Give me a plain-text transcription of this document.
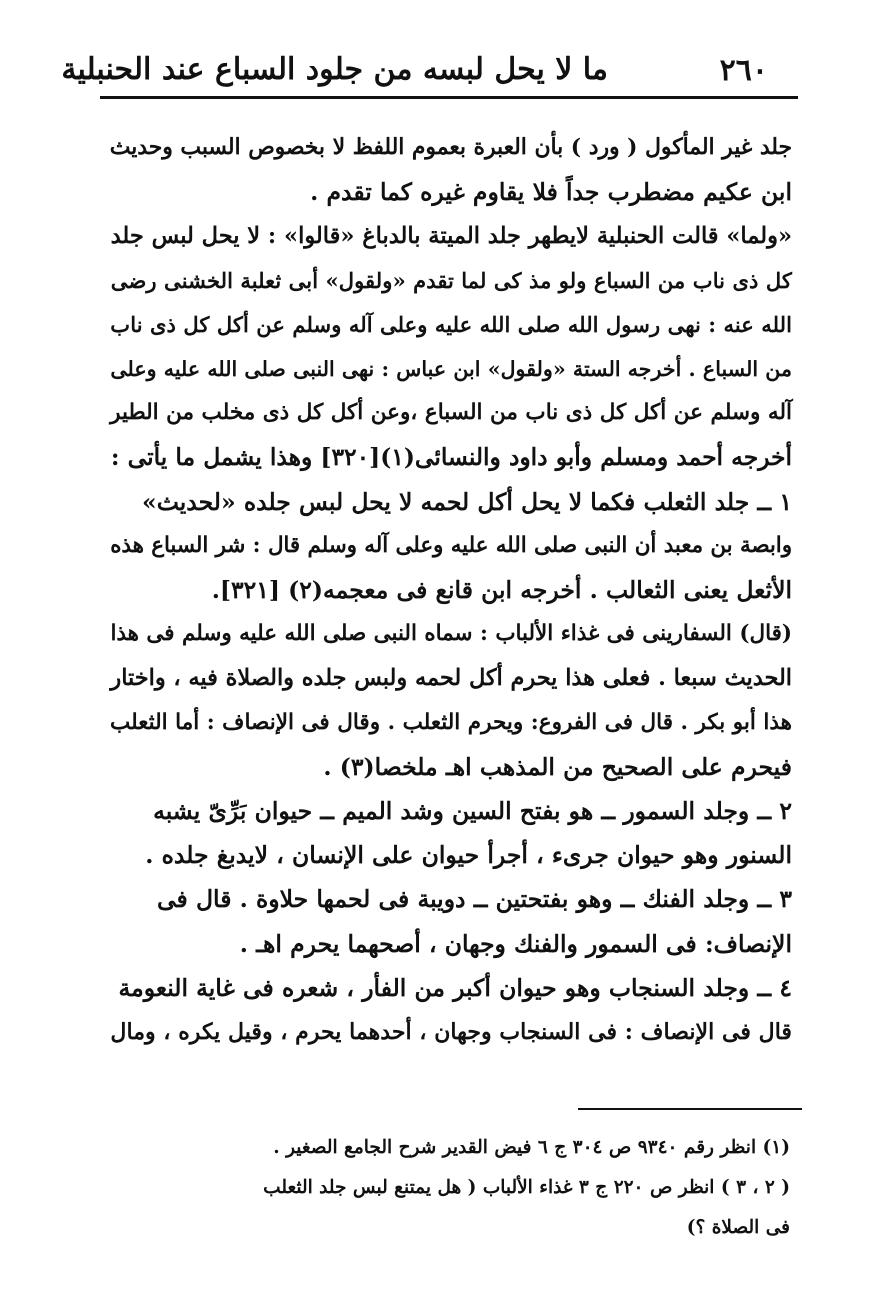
٢٦٠
ما لا يحل لبسه من جلود السباع عند الحنبلية
جلد غير المأكول ( ورد ) بأن العبرة بعموم اللفظ لا بخصوص السبب وحديث
ابن عكيم مضطرب جداً فلا يقاوم غيره كما تقدم .
«ولما» قالت الحنبلية لايطهر جلد الميتة بالدباغ «قالوا» : لا يحل لبس جلد
كل ذى ناب من السباع ولو مذ كى لما تقدم «ولقول» أبى ثعلبة الخشنى رضى
الله عنه : نهى رسول الله صلى الله عليه وعلى آله وسلم عن أكل كل ذى ناب
من السباع . أخرجه الستة «ولقول» ابن عباس : نهى النبى صلى الله عليه وعلى
آله وسلم عن أكل كل ذى ناب من السباع ،وعن أكل كل ذى مخلب من الطير
أخرجه أحمد ومسلم وأبو داود والنسائى(١)[٣٢٠] وهذا يشمل ما يأتى :
١ ــ جلد الثعلب فكما لا يحل أكل لحمه لا يحل لبس جلده «لحديث»
وابصة بن معبد أن النبى صلى الله عليه وعلى آله وسلم قال : شر السباع هذه
الأثعل يعنى الثعالب . أخرجه ابن قانع فى معجمه(٢) [٣٢١].
(قال) السفارينى فى غذاء الألباب : سماه النبى صلى الله عليه وسلم فى هذا
الحديث سبعا . فعلى هذا يحرم أكل لحمه ولبس جلده والصلاة فيه ، واختار
هذا أبو بكر . قال فى الفروع: ويحرم الثعلب . وقال فى الإنصاف : أما الثعلب
فيحرم على الصحيح من المذهب اهـ ملخصا(٣) .
٢ ــ وجلد السمور ــ هو بفتح السين وشد الميم ــ حيوان بَرِّىّ يشبه
السنور وهو حيوان جرىء ، أجرأ حيوان على الإنسان ، لايدبغ جلده .
٣ ــ وجلد الفنك ــ وهو بفتحتين ــ دويبة فى لحمها حلاوة . قال فى
الإنصاف: فى السمور والفنك وجهان ، أصحهما يحرم اهـ .
٤ ــ وجلد السنجاب وهو حيوان أكبر من الفأر ، شعره فى غاية النعومة
قال فى الإنصاف : فى السنجاب وجهان ، أحدهما يحرم ، وقيل يكره ، ومال
(١) انظر رقم ٩٣٤٠ ص ٣٠٤ ج ٦ فيض القدير شرح الجامع الصغير .
( ٢ ، ٣ ) انظر ص ٢٢٠ ج ٣ غذاء الألباب ( هل يمتنع لبس جلد الثعلب
فى الصلاة ؟)
